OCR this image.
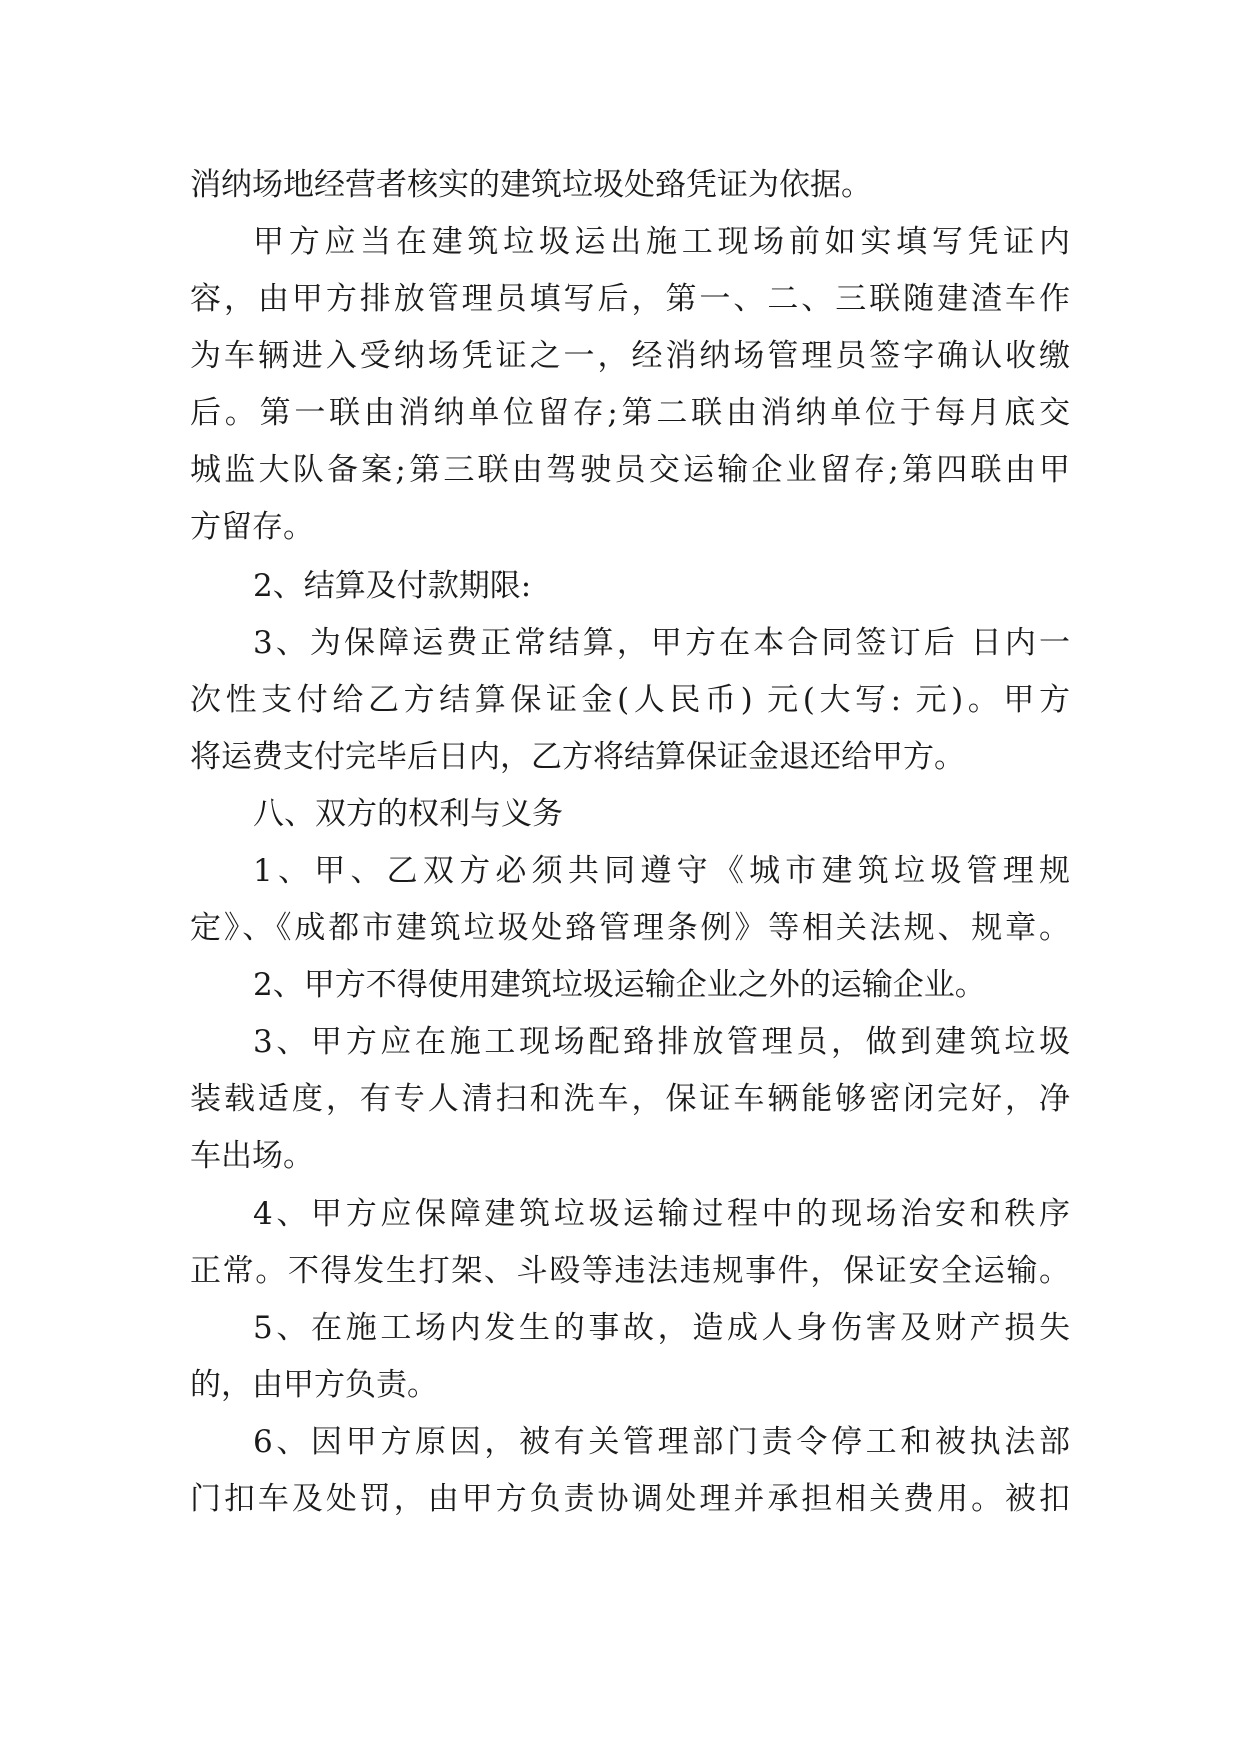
消纳场地经营者核实的建筑垃圾处臵凭证为依据。
甲方应当在建筑垃圾运出施工现场前如实填写凭证内
容，由甲方排放管理员填写后，第一、二、三联随建渣车作
为车辆进入受纳场凭证之一，经消纳场管理员签字确认收缴
后。第一联由消纳单位留存;第二联由消纳单位于每月底交
城监大队备案;第三联由驾驶员交运输企业留存;第四联由甲
方留存。
2、结算及付款期限:
3、为保障运费正常结算，甲方在本合同签订后 日内一
次性支付给乙方结算保证金(人民币) 元(大写: 元)。甲方
将运费支付完毕后日内，乙方将结算保证金退还给甲方。
八、双方的权利与义务
1、甲、乙双方必须共同遵守《城市建筑垃圾管理规
定》、《成都市建筑垃圾处臵管理条例》等相关法规、规章。
2、甲方不得使用建筑垃圾运输企业之外的运输企业。
3、甲方应在施工现场配臵排放管理员，做到建筑垃圾
装载适度，有专人清扫和洗车，保证车辆能够密闭完好，净
车出场。
4、甲方应保障建筑垃圾运输过程中的现场治安和秩序
正常。不得发生打架、斗殴等违法违规事件，保证安全运输。
5、在施工场内发生的事故，造成人身伤害及财产损失
的，由甲方负责。
6、因甲方原因，被有关管理部门责令停工和被执法部
门扣车及处罚，由甲方负责协调处理并承担相关费用。被扣
